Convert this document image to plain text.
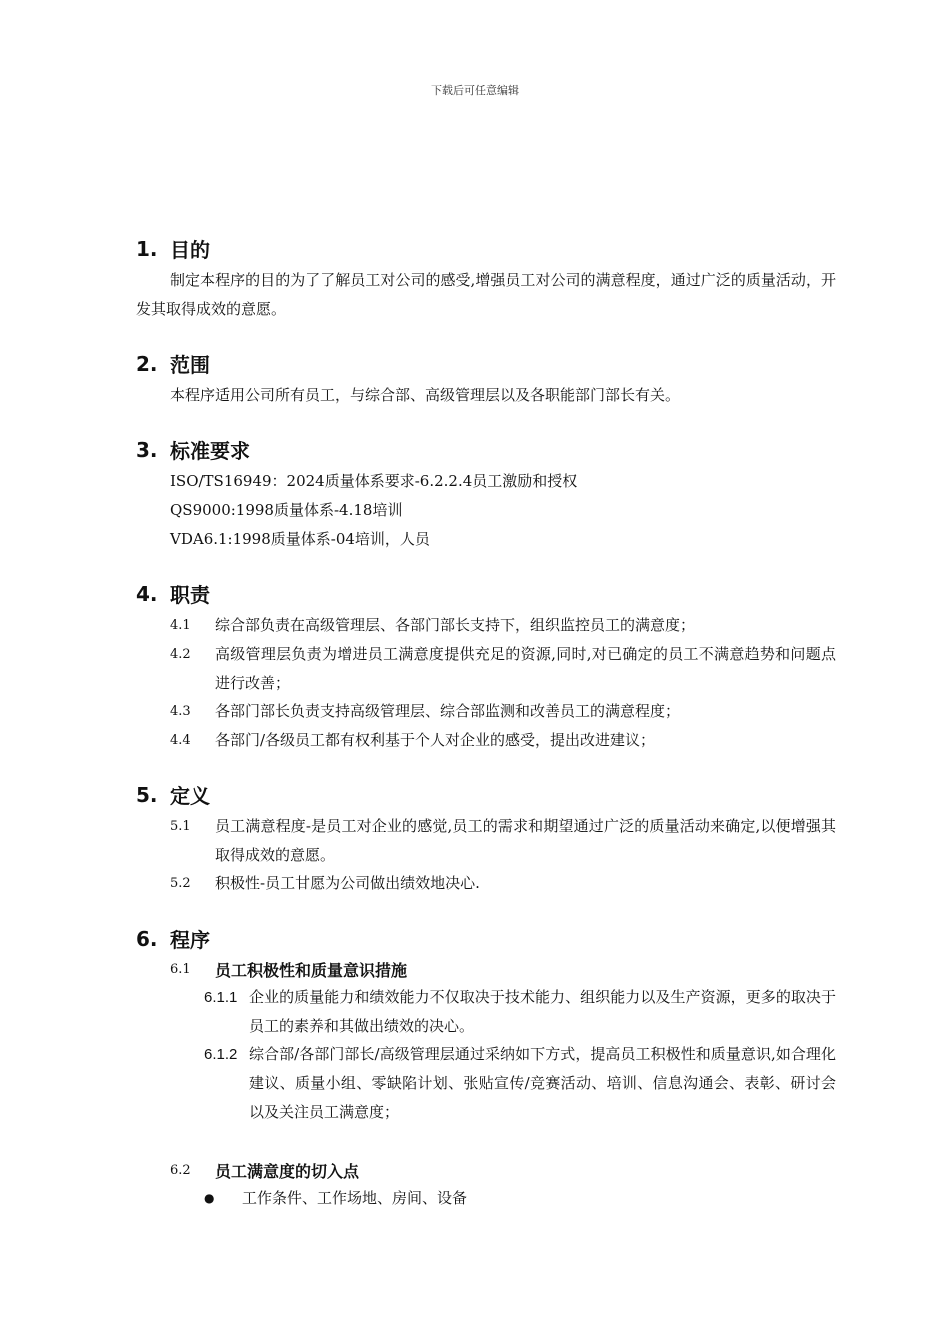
下载后可任意编辑
1. 目的
制定本程序的目的为了了解员工对公司的感受,增强员工对公司的满意程度，通过广泛的质量活动，开发其取得成效的意愿。
2. 范围
本程序适用公司所有员工，与综合部、高级管理层以及各职能部门部长有关。
3. 标准要求
ISO/TS16949：2024质量体系要求-6.2.2.4员工激励和授权
QS9000:1998质量体系-4.18培训
VDA6.1:1998质量体系-04培训，人员
4. 职责
4.1	综合部负责在高级管理层、各部门部长支持下，组织监控员工的满意度；
4.2	高级管理层负责为增进员工满意度提供充足的资源,同时,对已确定的员工不满意趋势和问题点进行改善；
4.3	各部门部长负责支持高级管理层、综合部监测和改善员工的满意程度；
4.4	各部门/各级员工都有权利基于个人对企业的感受，提出改进建议；
5. 定义
5.1	员工满意程度-是员工对企业的感觉,员工的需求和期望通过广泛的质量活动来确定,以便增强其取得成效的意愿。
5.2	积极性-员工甘愿为公司做出绩效地决心.
6. 程序
6.1	员工积极性和质量意识措施
6.1.1 企业的质量能力和绩效能力不仅取决于技术能力、组织能力以及生产资源，更多的取决于员工的素养和其做出绩效的决心。
6.1.2 综合部/各部门部长/高级管理层通过采纳如下方式，提高员工积极性和质量意识,如合理化建议、质量小组、零缺陷计划、张贴宣传/竞赛活动、培训、信息沟通会、表彰、研讨会以及关注员工满意度；
6.2	员工满意度的切入点
●	工作条件、工作场地、房间、设备
